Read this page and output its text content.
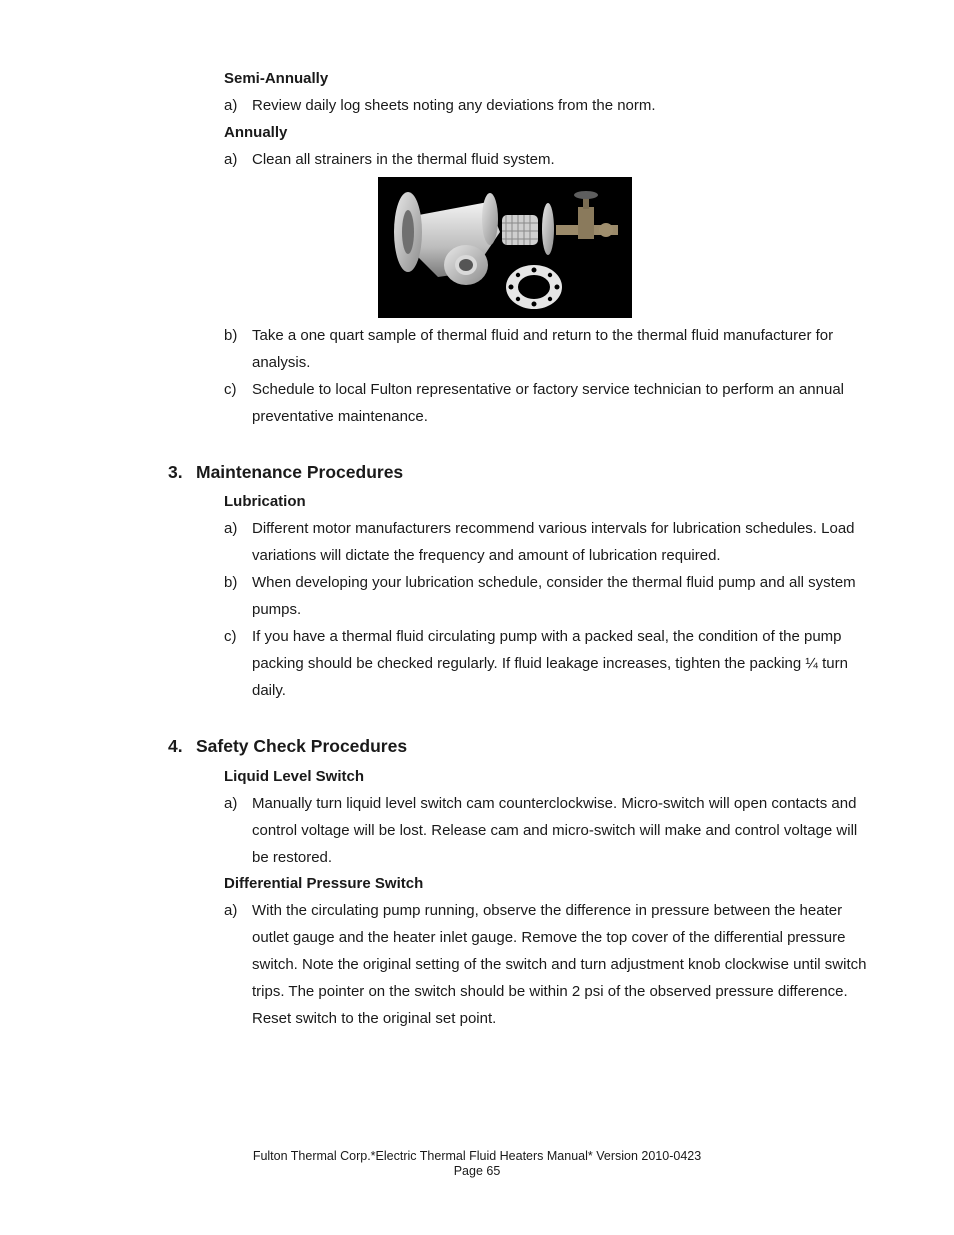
Semi-Annually
a) Review daily log sheets noting any deviations from the norm.
Annually
a) Clean all strainers in the thermal fluid system.
b) Take a one quart sample of thermal fluid and return to the thermal fluid manufacturer for analysis.
c) Schedule to local Fulton representative or factory service technician to perform an annual preventative maintenance.
3. Maintenance Procedures
Lubrication
a) Different motor manufacturers recommend various intervals for lubrication schedules. Load variations will dictate the frequency and amount of lubrication required.
b) When developing your lubrication schedule, consider the thermal fluid pump and all system pumps.
c) If you have a thermal fluid circulating pump with a packed seal, the condition of the pump packing should be checked regularly. If fluid leakage increases, tighten the packing ¼ turn daily.
4. Safety Check Procedures
Liquid Level Switch
a) Manually turn liquid level switch cam counterclockwise. Micro-switch will open contacts and control voltage will be lost. Release cam and micro-switch will make and control voltage will be restored.
Differential Pressure Switch
a) With the circulating pump running, observe the difference in pressure between the heater outlet gauge and the heater inlet gauge. Remove the top cover of the differential pressure switch. Note the original setting of the switch and turn adjustment knob clockwise until switch trips. The pointer on the switch should be within 2 psi of the observed pressure difference. Reset switch to the original set point.
Fulton Thermal Corp.*Electric Thermal Fluid Heaters Manual* Version 2010-0423
Page 65
